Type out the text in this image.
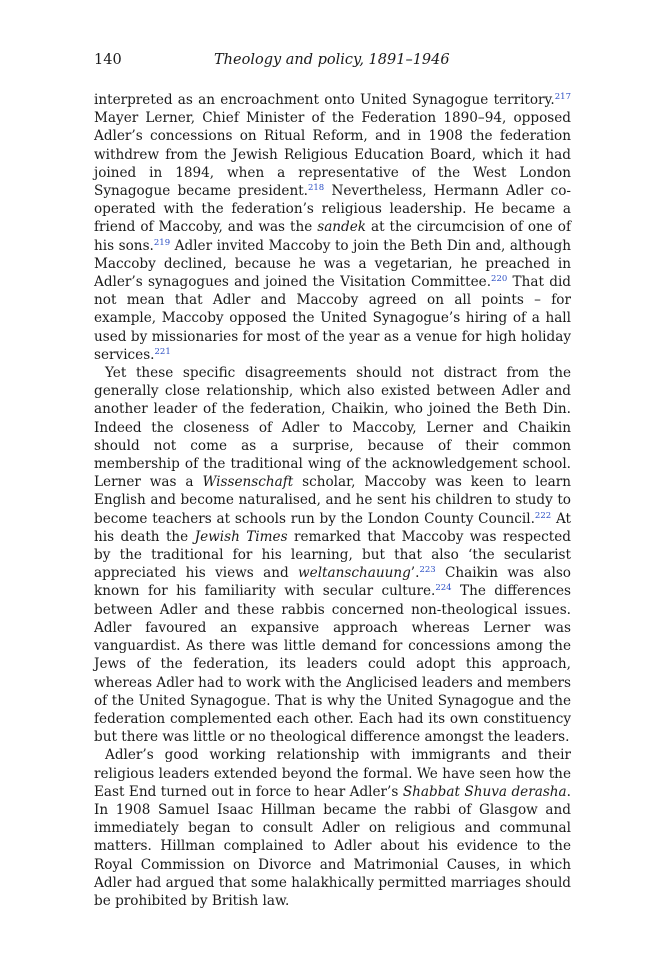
140	Theology and policy, 1891–1946

interpreted as an encroachment onto United Synagogue territory.$^{217}$ Mayer Lerner, Chief Minister of the Federation 1890–94, opposed Adler’s concessions on Ritual Reform, and in 1908 the federation withdrew from the Jewish Religious Education Board, which it had joined in 1894, when a representative of the West London Synagogue became president.$^{218}$ Nevertheless, Hermann Adler co-operated with the federation’s religious leadership. He became a friend of Maccoby, and was the sandek at the circumcision of one of his sons.$^{219}$ Adler invited Maccoby to join the Beth Din and, although Maccoby declined, because he was a vegetarian, he preached in Adler’s synagogues and joined the Visitation Committee.$^{220}$ That did not mean that Adler and Maccoby agreed on all points – for example, Maccoby opposed the United Synagogue’s hiring of a hall used by missionaries for most of the year as a venue for high holiday services.$^{221}$

Yet these specific disagreements should not distract from the generally close relationship, which also existed between Adler and another leader of the federation, Chaikin, who joined the Beth Din. Indeed the closeness of Adler to Maccoby, Lerner and Chaikin should not come as a surprise, because of their common membership of the traditional wing of the acknowledgement school. Lerner was a Wissenschaft scholar, Maccoby was keen to learn English and become naturalised, and he sent his children to study to become teachers at schools run by the London County Council.$^{222}$ At his death the Jewish Times remarked that Maccoby was respected by the traditional for his learning, but that also ‘the secularist appreciated his views and weltanschauung’.$^{223}$ Chaikin was also known for his familiarity with secular culture.$^{224}$ The differences between Adler and these rabbis concerned non-theological issues. Adler favoured an expansive approach whereas Lerner was vanguardist. As there was little demand for concessions among the Jews of the federation, its leaders could adopt this approach, whereas Adler had to work with the Anglicised leaders and members of the United Synagogue. That is why the United Synagogue and the federation complemented each other. Each had its own constituency but there was little or no theological difference amongst the leaders.

Adler’s good working relationship with immigrants and their religious leaders extended beyond the formal. We have seen how the East End turned out in force to hear Adler’s Shabbat Shuva derasha. In 1908 Samuel Isaac Hillman became the rabbi of Glasgow and immediately began to consult Adler on religious and communal matters. Hillman complained to Adler about his evidence to the Royal Commission on Divorce and Matrimonial Causes, in which Adler had argued that some halakhically permitted marriages should be prohibited by British law.
